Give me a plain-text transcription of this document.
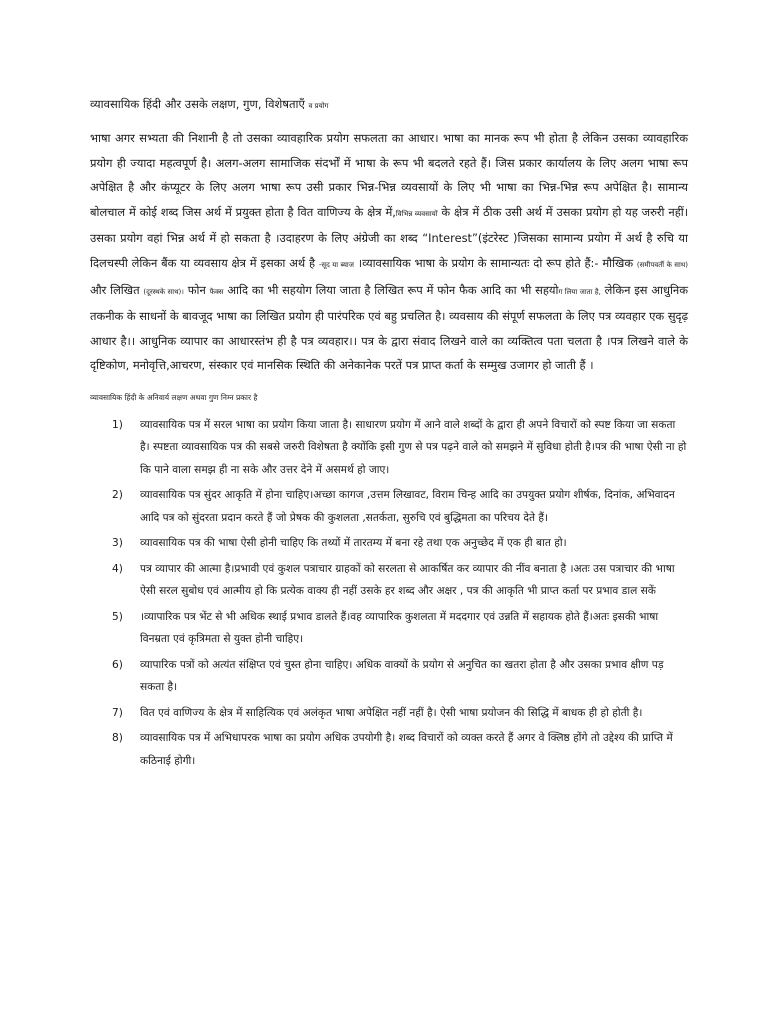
व्यावसायिक हिंदी और उसके लक्षण, गुण, विशेषताएँ व प्रयोग

भाषा अगर सभ्यता की निशानी है तो उसका व्यावहारिक प्रयोग सफलता का आधार। भाषा का मानक रूप भी होता है लेकिन उसका व्यावहारिक प्रयोग ही ज्यादा महत्वपूर्ण है। अलग-अलग सामाजिक संदर्भों में भाषा के रूप भी बदलते रहते हैं। जिस प्रकार कार्यालय के लिए अलग भाषा रूप अपेक्षित है और कंप्यूटर के लिए अलग भाषा रूप उसी प्रकार भिन्न-भिन्न व्यवसायों के लिए भी भाषा का भिन्न-भिन्न रूप अपेक्षित है। सामान्य बोलचाल में कोई शब्द जिस अर्थ में प्रयुक्त होता है वित वाणिज्य के क्षेत्र में,विभिन्न व्यवसायों के क्षेत्र में ठीक उसी अर्थ में उसका प्रयोग हो यह जरुरी नहीं। उसका प्रयोग वहां भिन्न अर्थ में हो सकता है ।उदाहरण के लिए अंग्रेजी का शब्द “Interest”(इंटरेस्ट )जिसका सामान्य प्रयोग में अर्थ है रुचि या दिलचस्पी लेकिन बैंक या व्यवसाय क्षेत्र में इसका अर्थ है -सूद या ब्याज ।व्यावसायिक भाषा के प्रयोग के सामान्यतः दो रूप होते हैं:- मौखिक (समीपवर्ती के साथ) और लिखित (दूरस्थके साथ)। फोन फैक्स आदि का भी सहयोग लिया जाता है लिखित रूप में फोन फैक आदि का भी सहयोग लिया जाता है, लेकिन इस आधुनिक तकनीक के साधनों के बावजूद भाषा का लिखित प्रयोग ही पारंपरिक एवं बहु प्रचलित है। व्यवसाय की संपूर्ण सफलता के लिए पत्र व्यवहार एक सुदृढ़ आधार है।। आधुनिक व्यापार का आधारस्तंभ ही है पत्र व्यवहार।। पत्र के द्वारा संवाद लिखने वाले का व्यक्तित्व पता चलता है ।पत्र लिखने वाले के दृष्टिकोण, मनोवृत्ति,आचरण, संस्कार एवं मानसिक स्थिति की अनेकानेक परतें पत्र प्राप्त कर्ता के सम्मुख उजागर हो जाती हैं ।

व्यावसायिक हिंदी के अनिवार्य लक्षण अथवा गुण निम्न प्रकार है
1) व्यावसायिक पत्र में सरल भाषा का प्रयोग किया जाता है। साधारण प्रयोग में आने वाले शब्दों के द्वारा ही अपने विचारों को स्पष्ट किया जा सकता है। स्पष्टता व्यावसायिक पत्र की सबसे जरुरी विशेषता है क्योंकि इसी गुण से पत्र पढ़ने वाले को समझने में सुविधा होती है।पत्र की भाषा ऐसी ना हो कि पाने वाला समझ ही ना सके और उत्तर देने में असमर्थ हो जाए।
2) व्यावसायिक पत्र सुंदर आकृति में होना चाहिए।अच्छा कागज ,उत्तम लिखावट, विराम चिन्ह आदि का उपयुक्त प्रयोग शीर्षक, दिनांक, अभिवादन आदि पत्र को सुंदरता प्रदान करते हैं जो प्रेषक की कुशलता ,सतर्कता, सुरुचि एवं बुद्धिमता का परिचय देते हैं।
3) व्यावसायिक पत्र की भाषा ऐसी होनी चाहिए कि तथ्यों में तारतम्य में बना रहे तथा एक अनुच्छेद में एक ही बात हो।
4) पत्र व्यापार की आत्मा है।प्रभावी एवं कुशल पत्राचार ग्राहकों को सरलता से आकर्षित कर व्यापार की नींव बनाता है ।अतः उस पत्राचार की भाषा ऐसी सरल सुबोध एवं आत्मीय हो कि प्रत्येक वाक्य ही नहीं उसके हर शब्द और अक्षर , पत्र की आकृति भी प्राप्त कर्ता पर प्रभाव डाल सकें
5) ।व्यापारिक पत्र भेंट से भी अधिक स्थाई प्रभाव डालते हैं।वह व्यापारिक कुशलता में मददगार एवं उन्नति में सहायक होते हैं।अतः इसकी भाषा विनम्रता एवं कृत्रिमता से युक्त होनी चाहिए।
6) व्यापारिक पत्रों को अत्यंत संक्षिप्त एवं चुस्त होना चाहिए। अधिक वाक्यों के प्रयोग से अनुचित का खतरा होता है और उसका प्रभाव क्षीण पड़ सकता है।
7) वित एवं वाणिज्य के क्षेत्र में साहित्यिक एवं अलंकृत भाषा अपेक्षित नहीं नहीं है। ऐसी भाषा प्रयोजन की सिद्धि में बाधक ही हो होती है।
8) व्यावसायिक पत्र में अभिधापरक भाषा का प्रयोग अधिक उपयोगी है। शब्द विचारों को व्यक्त करते हैं अगर वे क्लिष्ठ होंगे तो उद्देश्य की प्राप्ति में कठिनाई होगी।
